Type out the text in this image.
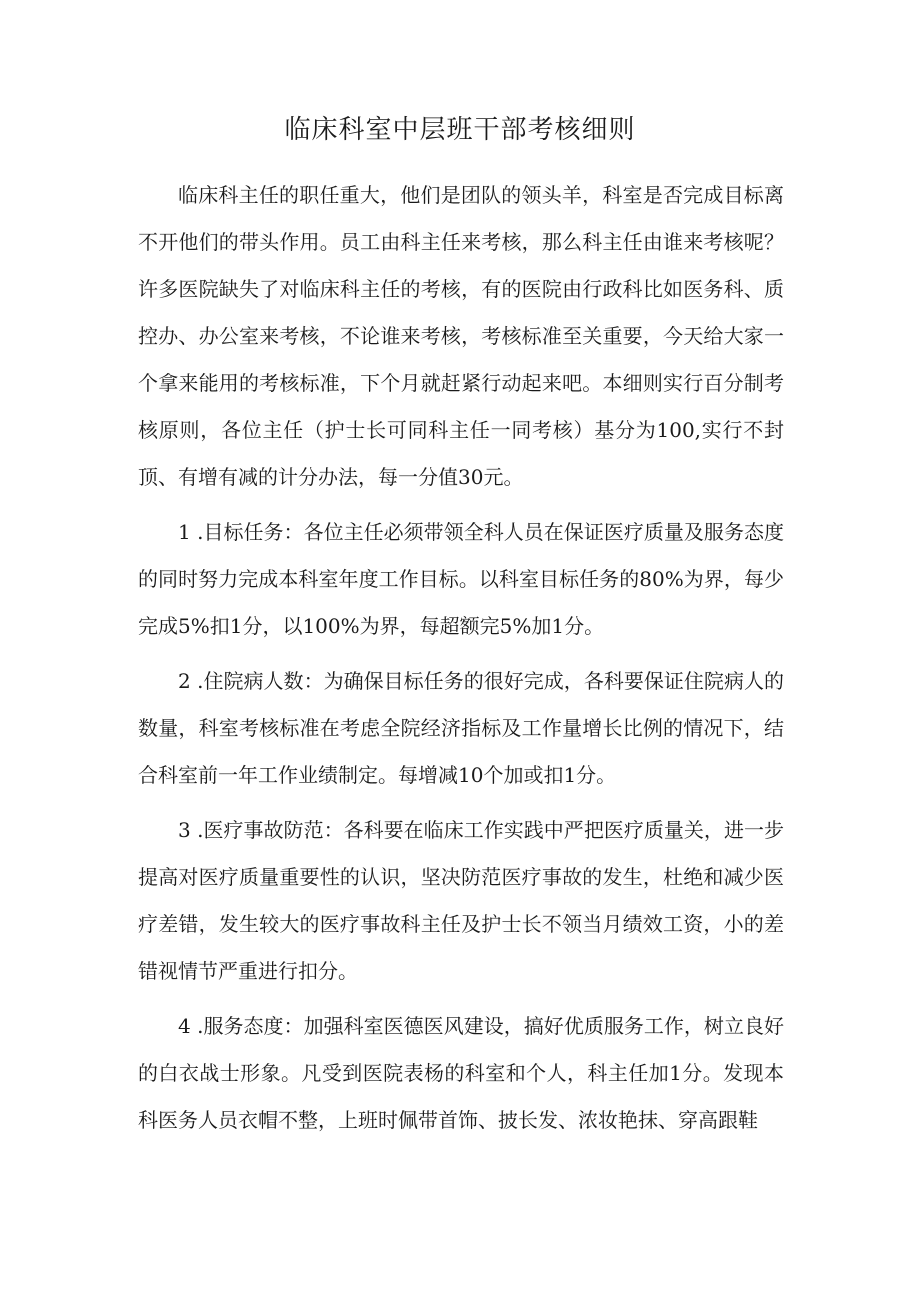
临床科室中层班干部考核细则

临床科主任的职任重大，他们是团队的领头羊，科室是否完成目标离不开他们的带头作用。员工由科主任来考核，那么科主任由谁来考核呢？许多医院缺失了对临床科主任的考核，有的医院由行政科比如医务科、质控办、办公室来考核，不论谁来考核，考核标准至关重要，今天给大家一个拿来能用的考核标准，下个月就赶紧行动起来吧。本细则实行百分制考核原则，各位主任（护士长可同科主任一同考核）基分为100,实行不封顶、有增有减的计分办法，每一分值30元。

1 .目标任务：各位主任必须带领全科人员在保证医疗质量及服务态度的同时努力完成本科室年度工作目标。以科室目标任务的80%为界，每少完成5%扣1分，以100%为界，每超额完5%加1分。

2 .住院病人数：为确保目标任务的很好完成，各科要保证住院病人的数量，科室考核标准在考虑全院经济指标及工作量增长比例的情况下，结合科室前一年工作业绩制定。每增减10个加或扣1分。

3 .医疗事故防范：各科要在临床工作实践中严把医疗质量关，进一步提高对医疗质量重要性的认识，坚决防范医疗事故的发生，杜绝和减少医疗差错，发生较大的医疗事故科主任及护士长不领当月绩效工资，小的差错视情节严重进行扣分。

4 .服务态度：加强科室医德医风建设，搞好优质服务工作，树立良好的白衣战士形象。凡受到医院表杨的科室和个人，科主任加1分。发现本科医务人员衣帽不整，上班时佩带首饰、披长发、浓妆艳抹、穿高跟鞋
